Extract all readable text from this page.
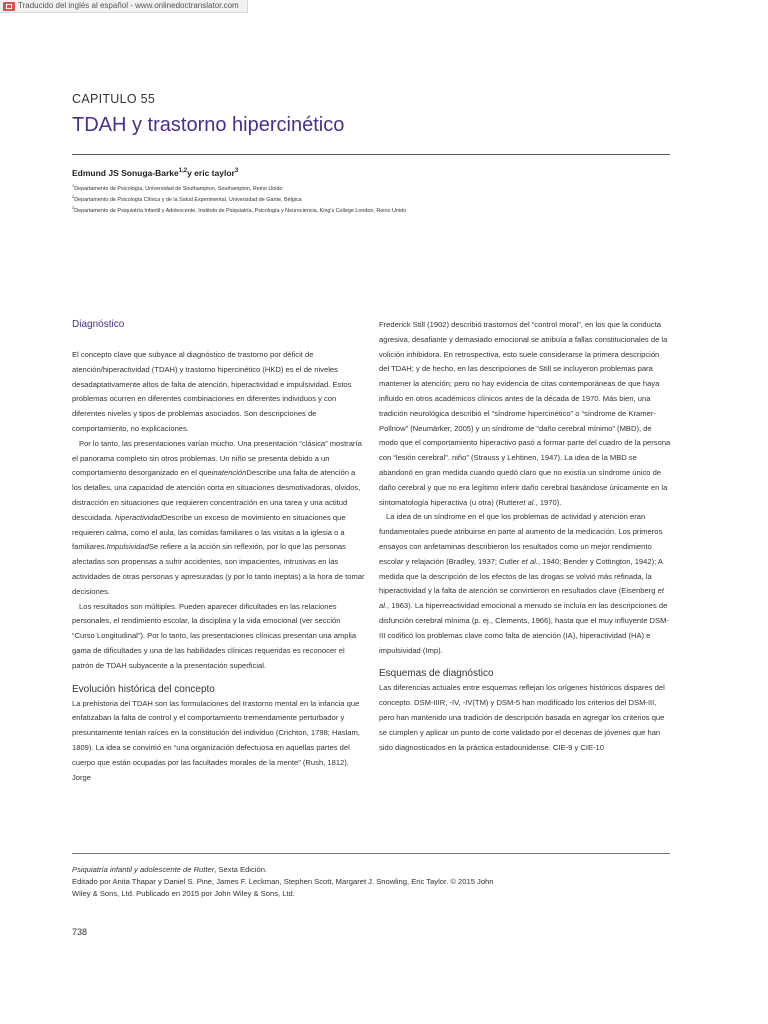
Traducido del inglés al español - www.onlinedoctranslator.com
CAPITULO 55
TDAH y trastorno hipercinético
Edmund JS Sonuga-Barke$^{1,2}$y eric taylor$^3$
$^1$Departamento de Psicología, Universidad de Southampton, Southampton, Reino Unido
$^2$Departamento de Psicología Clínica y de la Salud Experimental, Universidad de Gante, Bélgica
$^3$Departamento de Psiquiatría Infantil y Adolescente, Instituto de Psiquiatría, Psicología y Neurociencia, King's College London, Reino Unido

Diagnóstico

El concepto clave que subyace al diagnóstico de trastorno por déficit de atención/hiperactividad (TDAH) y trastorno hipercinético (HKD) es el de niveles desadaptativamente altos de falta de atención, hiperactividad e impulsividad. Estos problemas ocurren en diferentes combinaciones en diferentes individuos y con diferentes niveles y tipos de problemas asociados. Son descripciones de comportamiento, no explicaciones.

Por lo tanto, las presentaciones varían mucho. Una presentación “clásica” mostraría el panorama completo sin otros problemas. Un niño se presenta debido a un comportamiento desorganizado en el queinatenciónDescribe una falta de atención a los detalles, una capacidad de atención corta en situaciones desmotivadoras, olvidos, distracción en situaciones que requieren concentración en una tarea y una actitud descuidada. hiperactividadDescribe un exceso de movimiento en situaciones que requieren calma, como el aula, las comidas familiares o las visitas a la iglesia o a familiares.ImpulsividadSe refiere a la acción sin reflexión, por lo que las personas afectadas son propensas a sufrir accidentes, son impacientes, intrusivas en las actividades de otras personas y apresuradas (y por lo tanto ineptas) a la hora de tomar decisiones.

Los resultados son múltiples. Pueden aparecer dificultades en las relaciones personales, el rendimiento escolar, la disciplina y la vida emocional (ver sección “Curso Longitudinal”). Por lo tanto, las presentaciones clínicas presentan una amplia gama de dificultades y una de las habilidades clínicas requeridas es reconocer el patrón de TDAH subyacente a la presentación superficial.

Evolución histórica del concepto

La prehistoria del TDAH son las formulaciones del trastorno mental en la infancia que enfatizaban la falta de control y el comportamiento tremendamente perturbador y presuntamente tenían raíces en la constitución del individuo (Crichton, 1798; Haslam, 1809). La idea se convirtió en “una organización defectuosa en aquellas partes del cuerpo que están ocupadas por las facultades morales de la mente” (Rush, 1812). Jorge

Frederick Still (1902) describió trastornos del “control moral”, en los que la conducta agresiva, desafiante y demasiado emocional se atribuía a fallas constitucionales de la volición inhibidora. En retrospectiva, esto suele considerarse la primera descripción del TDAH; y de hecho, en las descripciones de Still se incluyeron problemas para mantener la atención; pero no hay evidencia de citas contemporáneas de que haya influido en otros académicos clínicos antes de la década de 1970. Más bien, una tradición neurológica describió el “síndrome hipercinético” o “síndrome de Kramer-Pollnow” (Neumärker, 2005) y un síndrome de “daño cerebral mínimo” (MBD), de modo que el comportamiento hiperactivo pasó a formar parte del cuadro de la persona con “lesión cerebral”. niño” (Strauss y Lehtinen, 1947). La idea de la MBD se abandonó en gran medida cuando quedó claro que no existía un síndrome único de daño cerebral y que no era legítimo inferir daño cerebral basándose únicamente en la sintomatología hiperactiva (u otra) (Rutteret al., 1970).

La idea de un síndrome en el que los problemas de actividad y atención eran fundamentales puede atribuirse en parte al aumento de la medicación. Los primeros ensayos con anfetaminas describieron los resultados como un mejor rendimiento escolar y relajación (Bradley, 1937; Cutler et al., 1940; Bender y Cottington, 1942); A medida que la descripción de los efectos de las drogas se volvió más refinada, la hiperactividad y la falta de atención se convirtieron en resultados clave (Eisenberg et al., 1963). La hiperreactividad emocional a menudo se incluía en las descripciones de disfunción cerebral mínima (p. ej., Clements, 1966), hasta que el muy influyente DSM-III codificó los problemas clave como falta de atención (IA), hiperactividad (HA) e impulsividad (Imp).

Esquemas de diagnóstico

Las diferencias actuales entre esquemas reflejan los orígenes históricos dispares del concepto. DSM-IIIR, -IV, -IV(TM) y DSM-5 han modificado los criterios del DSM-III, pero han mantenido una tradición de descripción basada en agregar los criterios que se cumplen y aplicar un punto de corte validado por el decenas de jóvenes que han sido diagnosticados en la práctica estadounidense. CIE-9 y CIE-10

Psiquiatría infantil y adolescente de Rutter, Sexta Edición.
Editado por Anita Thapar y Daniel S. Pine, James F. Leckman, Stephen Scott, Margaret J. Snowling, Eric Taylor. © 2015 John
Wiley & Sons, Ltd. Publicado en 2015 por John Wiley & Sons, Ltd.
738
